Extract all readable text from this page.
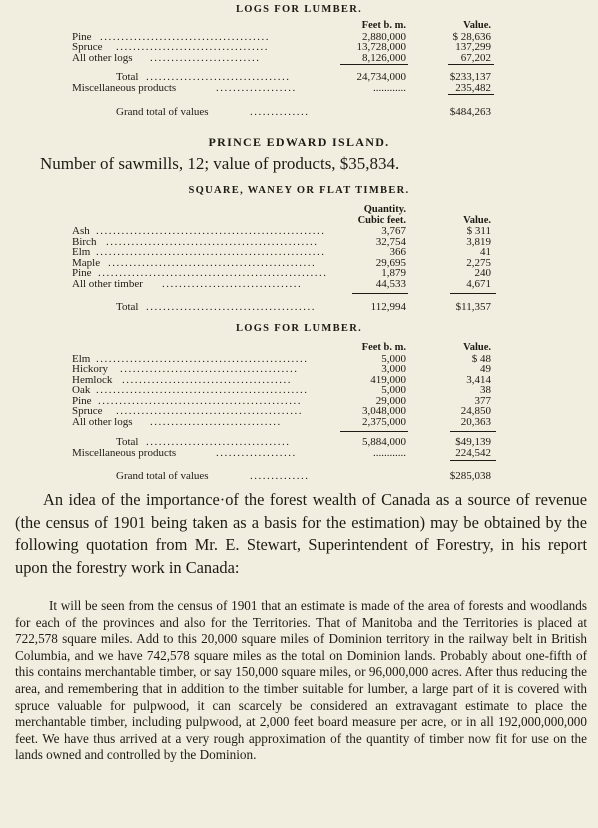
LOGS FOR LUMBER.
Feet b. m.	Value.
Pine ........................................	2,880,000	$ 28,636
Spruce ....................................	13,728,000	137,299
All other logs ..........................	8,126,000	67,202
Total ..................................	24,734,000	$233,137
Miscellaneous products	...................	............	235,482
Grand total of values	..............	$484,263
PRINCE EDWARD ISLAND.
Number of sawmills, 12; value of products, $35,834.
SQUARE, WANEY OR FLAT TIMBER.
Quantity.
Cubic feet.	Value.
Ash ......................................................	3,767	$ 311
Birch ..................................................	32,754	3,819
Elm ......................................................	366	41
Maple .................................................	29,695	2,275
Pine ......................................................	1,879	240
All other timber .................................	44,533	4,671
Total ........................................	112,994	$11,357
LOGS FOR LUMBER.
Feet b. m.	Value.
Elm ..................................................	5,000	$ 48
Hickory ..........................................	3,000	49
Hemlock ........................................	419,000	3,414
Oak ..................................................	5,000	38
Pine ................................................	29,000	377
Spruce ............................................	3,048,000	24,850
All other logs ...............................	2,375,000	20,363
Total ..................................	5,884,000	$49,139
Miscellaneous products	...................	............	224,542
Grand total of values	..............	$285,038
An idea of the importance·of the forest wealth of Canada as a source of revenue (the census of 1901 being taken as a basis for the estimation) may be obtained by the following quotation from Mr. E. Stewart, Superintendent of Forestry, in his report upon the forestry work in Canada:

It will be seen from the census of 1901 that an estimate is made of the area of forests and woodlands for each of the provinces and also for the Territories. That of Manitoba and the Territories is placed at 722,578 square miles. Add to this 20,000 square miles of Dominion territory in the railway belt in British Columbia, and we have 742,578 square miles as the total on Dominion lands. Probably about one-fifth of this contains merchantable timber, or say 150,000 square miles, or 96,000,000 acres. After thus reducing the area, and remembering that in addition to the timber suitable for lumber, a large part of it is covered with spruce valuable for pulpwood, it can scarcely be considered an extravagant estimate to place the merchantable timber, including pulpwood, at 2,000 feet board measure per acre, or in all 192,000,000,000 feet. We have thus arrived at a very rough approximation of the quantity of timber now fit for use on the lands owned and controlled by the Dominion.
